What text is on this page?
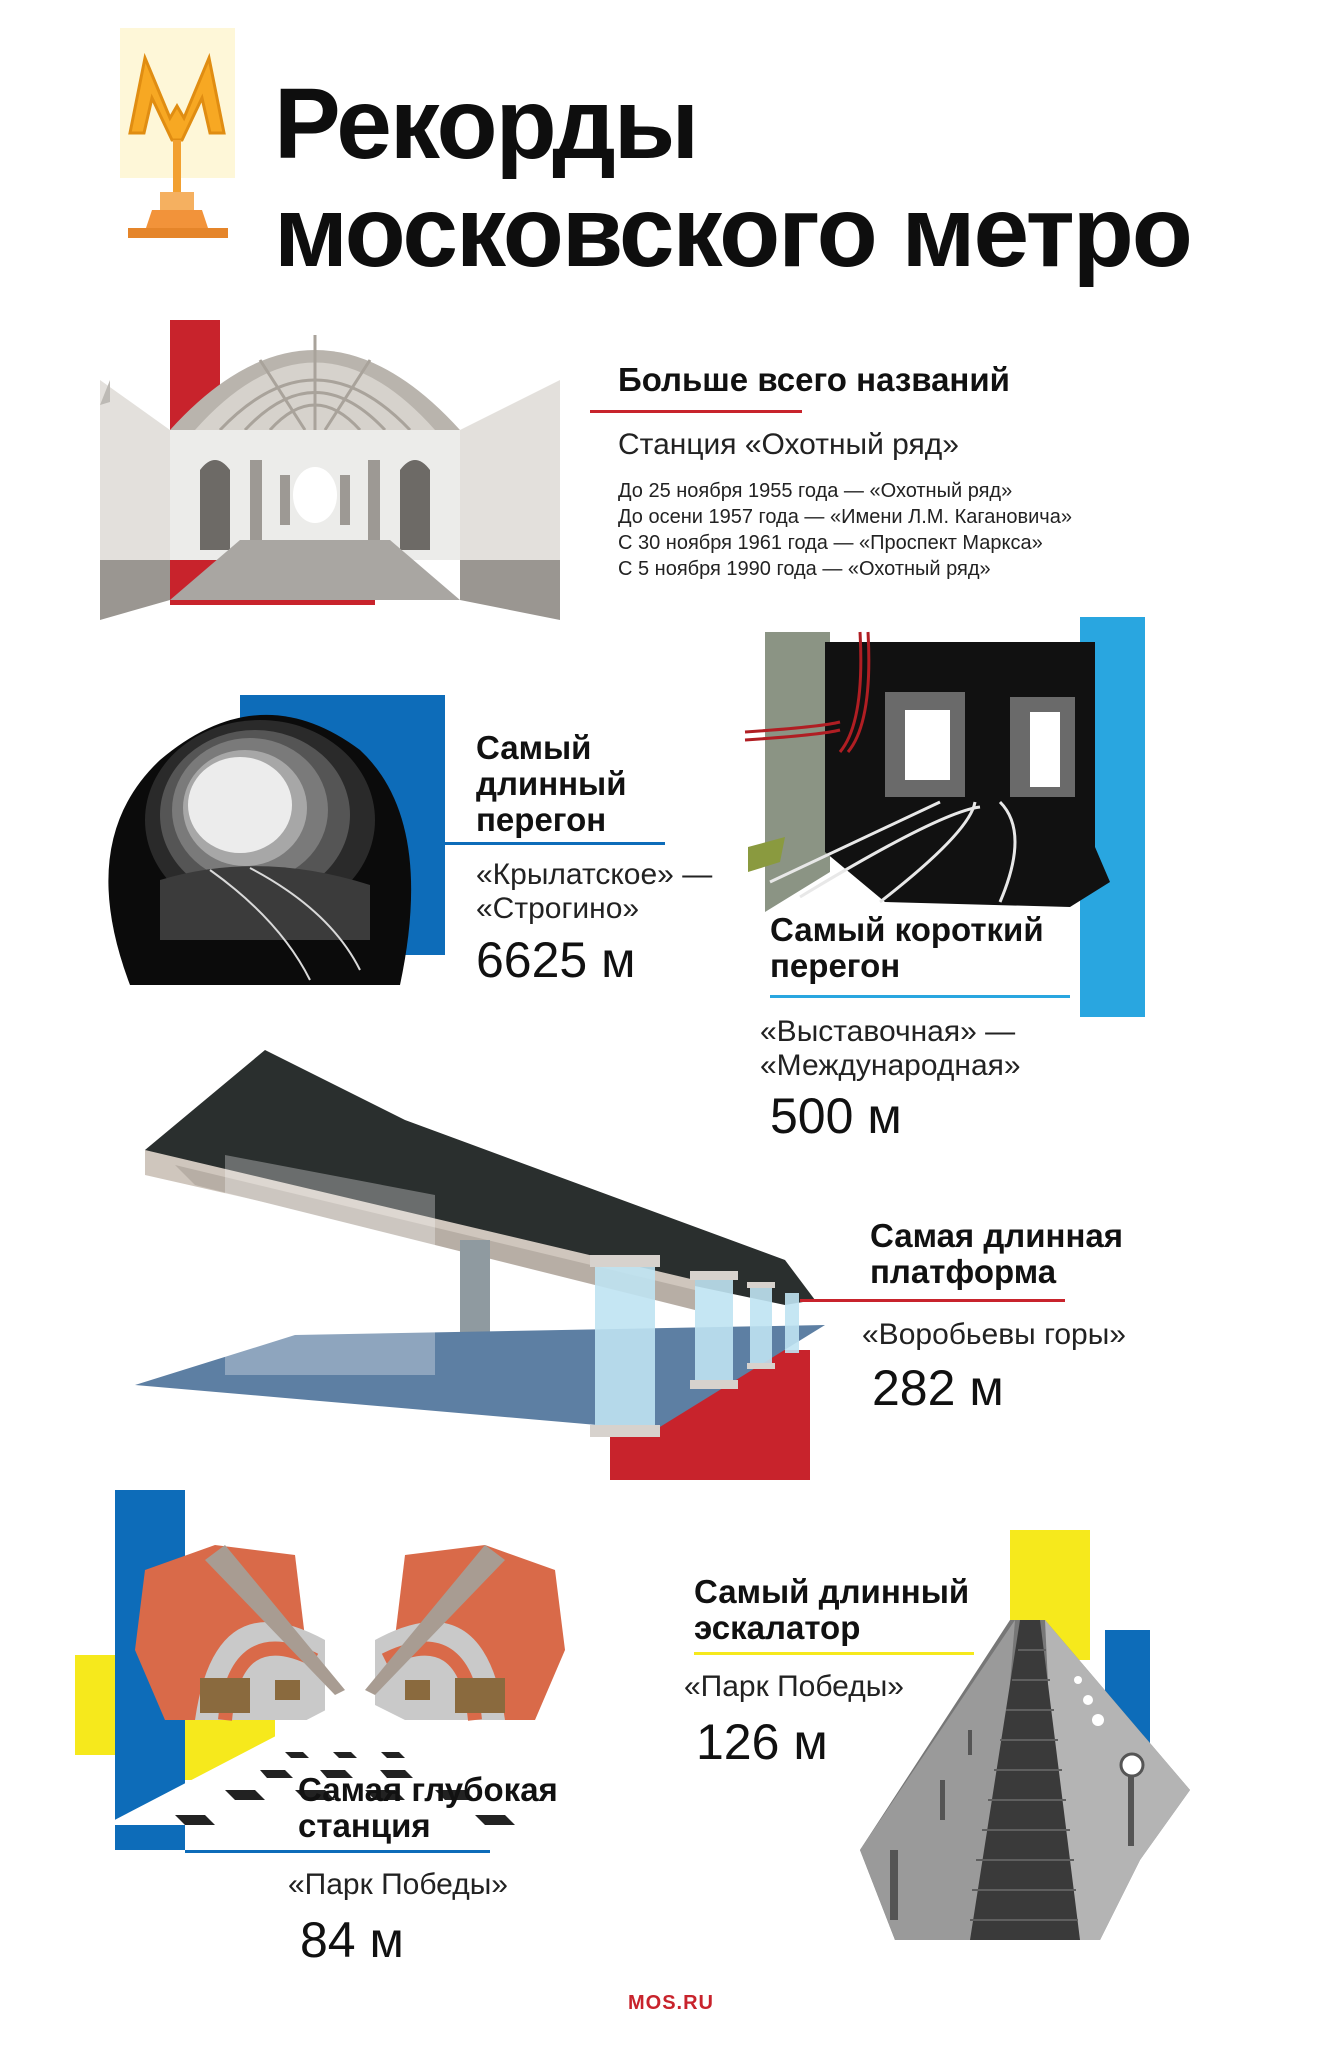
Рекорды
московского метро
Больше всего названий
Станция «Охотный ряд»
До 25 ноября 1955 года — «Охотный ряд»
До осени 1957 года — «Имени Л.М. Кагановича»
С 30 ноября 1961 года — «Проспект Маркса»
С 5 ноября 1990 года — «Охотный ряд»
Самый
длинный
перегон
«Крылатское» —
«Строгино»
6625 м
Самый короткий
перегон
«Выставочная» —
«Международная»
500 м
Самая длинная
платформа
«Воробьевы горы»
282 м
Самая глубокая
станция
«Парк Победы»
84 м
Самый длинный
эскалатор
«Парк Победы»
126 м
MOS.RU
